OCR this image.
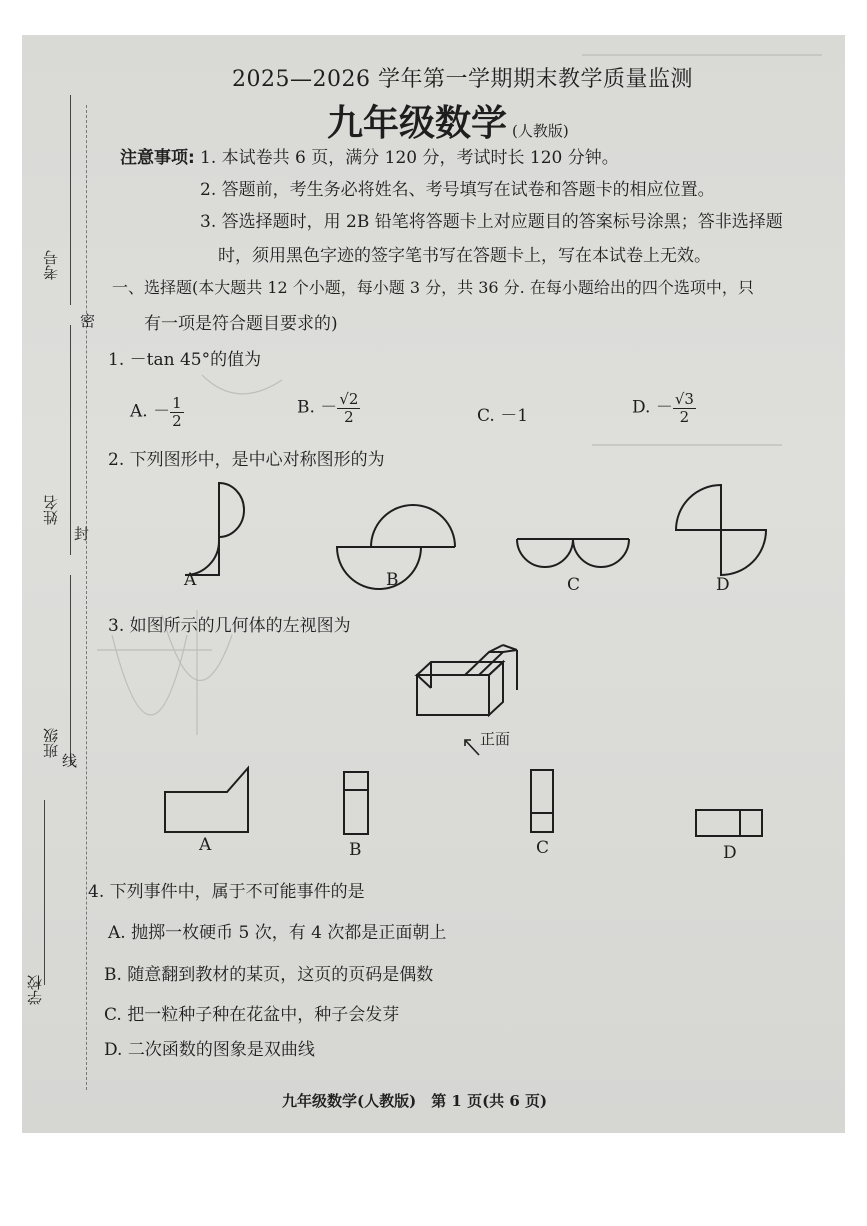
考号
姓名
班级
学校
密
封
线
2025—2026 学年第一学期期末教学质量监测
九年级数学 (人教版)
注意事项: 1. 本试卷共 6 页，满分 120 分，考试时长 120 分钟。
2. 答题前，考生务必将姓名、考号填写在试卷和答题卡的相应位置。
3. 答选择题时，用 2B 铅笔将答题卡上对应题目的答案标号涂黑；答非选择题
时，须用黑色字迹的签字笔书写在答题卡上，写在本试卷上无效。
一、选择题(本大题共 12 个小题，每小题 3 分，共 36 分. 在每小题给出的四个选项中，只
有一项是符合题目要求的)
1. －tan 45°的值为
A. － $\frac{1}{2}$	B. － $\frac{√2}{2}$	C. －1	D. － $\frac{√3}{2}$
2. 下列图形中，是中心对称图形的为
A	B	C	D
3. 如图所示的几何体的左视图为
正面
A	B	C	D
4. 下列事件中，属于不可能事件的是
A. 抛掷一枚硬币 5 次，有 4 次都是正面朝上
B. 随意翻到教材的某页，这页的页码是偶数
C. 把一粒种子种在花盆中，种子会发芽
D. 二次函数的图象是双曲线
九年级数学(人教版)　第 1 页(共 6 页)
